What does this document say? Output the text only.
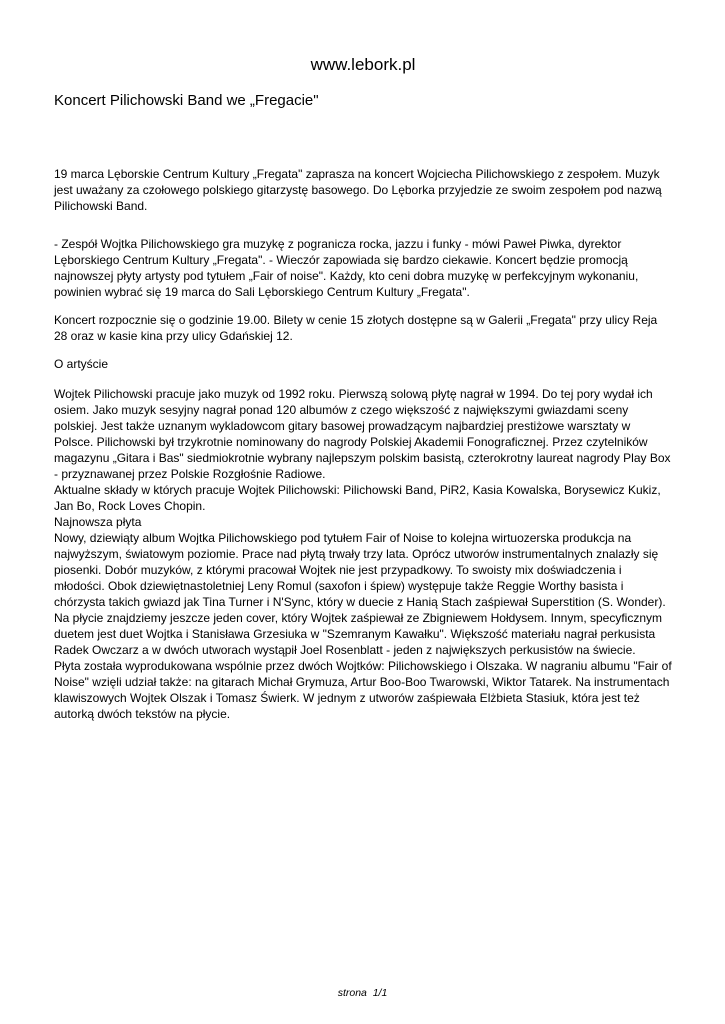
www.lebork.pl
Koncert Pilichowski Band we „Fregacie"

19 marca Lęborskie Centrum Kultury „Fregata" zaprasza na koncert Wojciecha Pilichowskiego z zespołem. Muzyk jest uważany za czołowego polskiego gitarzystę basowego. Do Lęborka przyjedzie ze swoim zespołem pod nazwą Pilichowski Band.

- Zespół Wojtka Pilichowskiego gra muzykę z pogranicza rocka, jazzu i funky - mówi Paweł Piwka, dyrektor Lęborskiego Centrum Kultury „Fregata". - Wieczór zapowiada się bardzo ciekawie. Koncert będzie promocją najnowszej płyty artysty pod tytułem „Fair of noise". Każdy, kto ceni dobra muzykę w perfekcyjnym wykonaniu, powinien wybrać się 19 marca do Sali Lęborskiego Centrum Kultury „Fregata".

Koncert rozpocznie się o godzinie 19.00. Bilety w cenie 15 złotych dostępne są w Galerii „Fregata" przy ulicy Reja 28 oraz w kasie kina przy ulicy Gdańskiej 12.

O artyście

Wojtek Pilichowski pracuje jako muzyk od 1992 roku. Pierwszą solową płytę nagrał w 1994. Do tej pory wydał ich osiem. Jako muzyk sesyjny nagrał ponad 120 albumów z czego większość z największymi gwiazdami sceny polskiej. Jest także uznanym wykladowcom gitary basowej prowadzącym najbardziej prestiżowe warsztaty w Polsce. Pilichowski był trzykrotnie nominowany do nagrody Polskiej Akademii Fonograficznej. Przez czytelników magazynu „Gitara i Bas" siedmiokrotnie wybrany najlepszym polskim basistą, czterokrotny laureat nagrody Play Box - przyznawanej przez Polskie Rozgłośnie Radiowe.

Aktualne składy w których pracuje Wojtek Pilichowski: Pilichowski Band, PiR2, Kasia Kowalska, Borysewicz Kukiz, Jan Bo, Rock Loves Chopin.

Najnowsza płyta

Nowy, dziewiąty album Wojtka Pilichowskiego pod tytułem Fair of Noise to kolejna wirtuozerska produkcja na najwyższym, światowym poziomie. Prace nad płytą trwały trzy lata. Oprócz utworów instrumentalnych znalazły się piosenki. Dobór muzyków, z którymi pracował Wojtek nie jest przypadkowy. To swoisty mix doświadczenia i młodości. Obok dziewiętnastoletniej Leny Romul (saxofon i śpiew) występuje także Reggie Worthy basista i chórzysta takich gwiazd jak Tina Turner i N'Sync, który w duecie z Hanią Stach zaśpiewał Superstition (S. Wonder). Na płycie znajdziemy jeszcze jeden cover, który Wojtek zaśpiewał ze Zbigniewem Hołdysem. Innym, specyficznym duetem jest duet Wojtka i Stanisława Grzesiuka w "Szemranym Kawałku". Większość materiału nagrał perkusista Radek Owczarz a w dwóch utworach wystąpił Joel Rosenblatt - jeden z największych perkusistów na świecie.

Płyta została wyprodukowana wspólnie przez dwóch Wojtków: Pilichowskiego i Olszaka. W nagraniu albumu "Fair of Noise" wzięli udział także: na gitarach Michał Grymuza, Artur Boo-Boo Twarowski, Wiktor Tatarek. Na instrumentach klawiszowych Wojtek Olszak i Tomasz Świerk. W jednym z utworów zaśpiewała Elżbieta Stasiuk, która jest też autorką dwóch tekstów na płycie.

strona  1/1
